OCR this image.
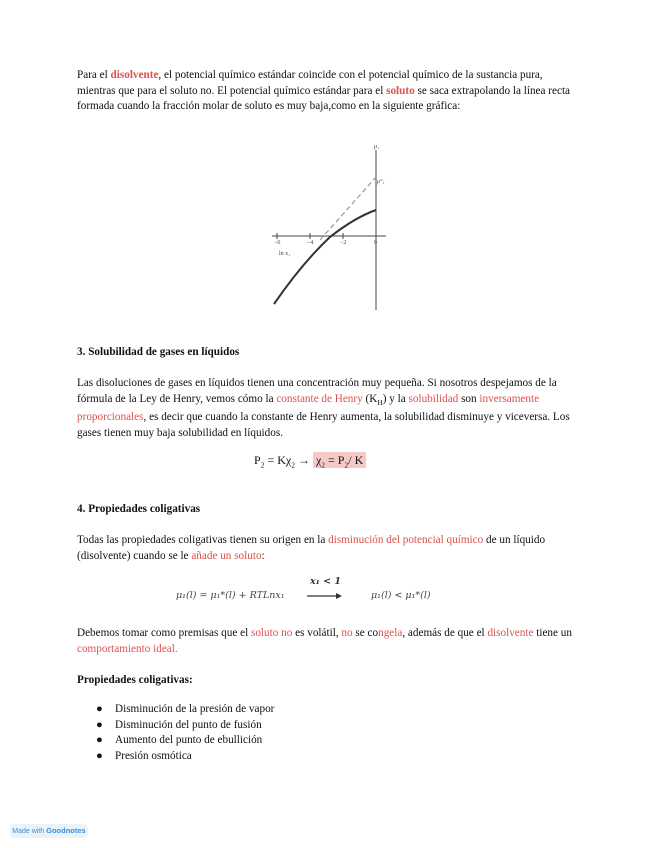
Para el disolvente, el potencial químico estándar coincide con el potencial químico de la sustancia pura, mientras que para el soluto no. El potencial químico estándar para el soluto se saca extrapolando la línea recta formada cuando la fracción molar de soluto es muy baja,como en la siguiente gráfica:

−6	−4	−2	0
ln x₁
μ₁
μ°₁
3. Solubilidad de gases en líquidos

Las disoluciones de gases en líquidos tienen una concentración muy pequeña. Si nosotros despejamos de la fórmula de la Ley de Henry, vemos cómo la constante de Henry $(K_H)$ y la solubilidad son inversamente proporcionales, es decir que cuando la constante de Henry aumenta, la solubilidad disminuye y viceversa. Los gases tienen muy baja solubilidad en líquidos.

$P_2 = K\chi_2 \to \chi_2 = P_2/$ K
4. Propiedades coligativas

Todas las propiedades coligativas tienen su origen en la disminución del potencial químico de un líquido (disolvente) cuando se le añade un soluto:

μ₁(l) = μ₁*(l) + RTLnx₁
x₁ < 1
μ₁(l) < μ₁*(l)

Debemos tomar como premisas que el soluto no es volátil, no se congela, además de que el disolvente tiene un comportamiento ideal.

Propiedades coligativas:
● Disminución de la presión de vapor
● Disminución del punto de fusión
● Aumento del punto de ebullición
● Presión osmótica
Made with Goodnotes
